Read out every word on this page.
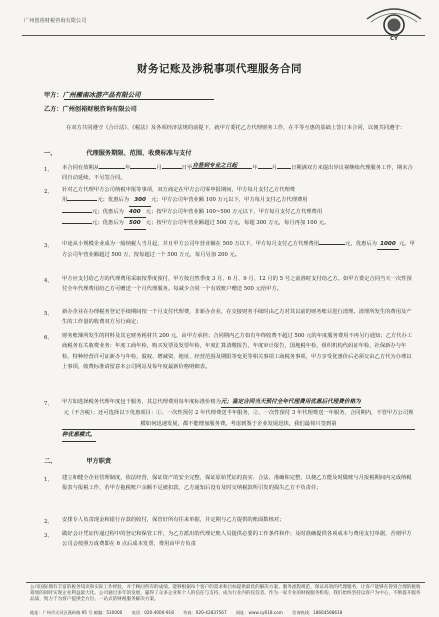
广州创裕财税咨询有限公司
CY
财务记账及涉税事项代理服务合同
甲方：广州雁南冰游产品有限公司
乙方：广州创裕财税咨询有限公司
在双方共同遵守《合计法》、《税法》及各项经济法规的前提下，就甲方委托乙方代理财务工作，在平等互惠的基础上签订本合同，以便共同遵守：
一、	代理服务期限、范围、收费标准与支付
1、 本合同有效期从	年	月	日至 自签到专业之日起	年	月	日期满双方未提出异议视继续代理服务工作，期末合同自动延续，不另签合同。
2、 针对乙方代理甲方公司纳税申报等事项，双方商定在甲方公司零申报期间，甲方每月支付乙方代理费
用	元；优惠后为 300 元；甲方公司年营业额 100 万元以下，甲方每月支付乙方代理费用
元；优惠后为 400 元；按甲方公司年营业额 100~500 万元以下，甲方每月支付乙方代理费用
元；优惠后为 500 元；按甲方公司年营业额超过 500 万元，每超 300 万元，每月再加 100 元。
3、 中途从小规模企业成为一般纳税人当月起，并且甲方公司年营业额在 500 万以下，甲方每月支付乙方代理费用	元，优惠后为 1000 元。甲方公司年营业额超过 500 万，按每超过一个 500 万元，每月另加 200 元。
4、 甲方应支付给乙方的代理费用采取按季度预付，甲方按自然季度 3 月、6 月、9 月、12 月的 5 号之前准时支付给乙方。如甲方委定合同当天一次性预付全年代理费用给乙方可赠送一个月代理服务。每减少合同一个有效账户赠送 500 元给甲方。
5、 新办企业在办理税务登记手续期间按一个月支付代理费，非新办企业，在交接财务手续时由乙方对其以前的财务账目进行清理。清理所发生的费用及产生的工作量的收费双方另行商定；
6、 财务账簿所发生的材料及其它财务耗材共 200 元，由甲方承担；合同期内乙方如有年终收费不超过 500 元的年度服务费用不再另行通知；乙方代办工商税务有关收费业务：年度工商年检，购买发票及发票年检，年度汇算清缴报告，年度审计报告，国地税年检，组织机构代码证年检，社保新办与年检，特种经营许可证新办与年检，股权、增减资、地址、经营范围及期限等变更等相关事项工商税务事项，甲方享受优惠价后必须交由乙方代为办理以上事项，收费标准请留意本公司网站及每年度最新价格明细表。
7、 甲方如选择税务代理年度包干服务，其总代理费用每年度标准价格为元；鉴定合同当天预付全年代理费用优惠后代理费价格为元（不含税）；还可选择以下优惠项目：①、一次性预付 2 年代理费送半年服务，②、一次性预付 3 年代理费送一年服务，合同期内，不管甲方公司规模如何迅速发展，都不能增加服务费。考虑到鉴于企业发展迅快，我们最荷只签到第种优惠模式。
二、	甲方职责
1、 建立和健全企业管理制度，依法经营，保证资产的安全完整，保证原始凭证的真实、合法、准确和完整，以便乙方能及时做账与月报税期间内完成纳税报表与报税工作，若甲方拖税账户余额不足被扣款，乙方通知后没有及时交纳税款所引发的损失乙方不负责任；
2、 安排专人负责现金和银行存款的收付，保管好所有往来单据，并定期与乙方提供的账面数核对；
3、 做好会计凭证传递过程中的登记和保管工作，为乙方派出的代理记账人员提供必要的工作条件和作；及时准确提供各项成本与费用支付单据，否则甲方公司会按照万成费即在 6 点后成本发票，费用由甲方负责
公司国际拥有丰富的税务知识和实际工作经验，并于顾问所有的成绩。能够根据每个客户的需求和目标提供最优的解决方案。服务流程规范，保证高效的代理服务，让客户能够在得到合理的税收筹划的同时实现企业利益最大化。公司通过多年的发展，赢得了众多企业和个人的信任与支持，成为行业内的佼佼者。作为一家专业的财税服务机构，我们始终坚持以客户为中心，不断提升服务品质，致力于为客户提供全方位、一站式的财税服务解决方案。
地址：广州市天河区燕岭路 95 号 邮编：510000 电话：020-4000-918 传真：020-42837567 网址：www.cy618.com 咨询热线：18664568618
